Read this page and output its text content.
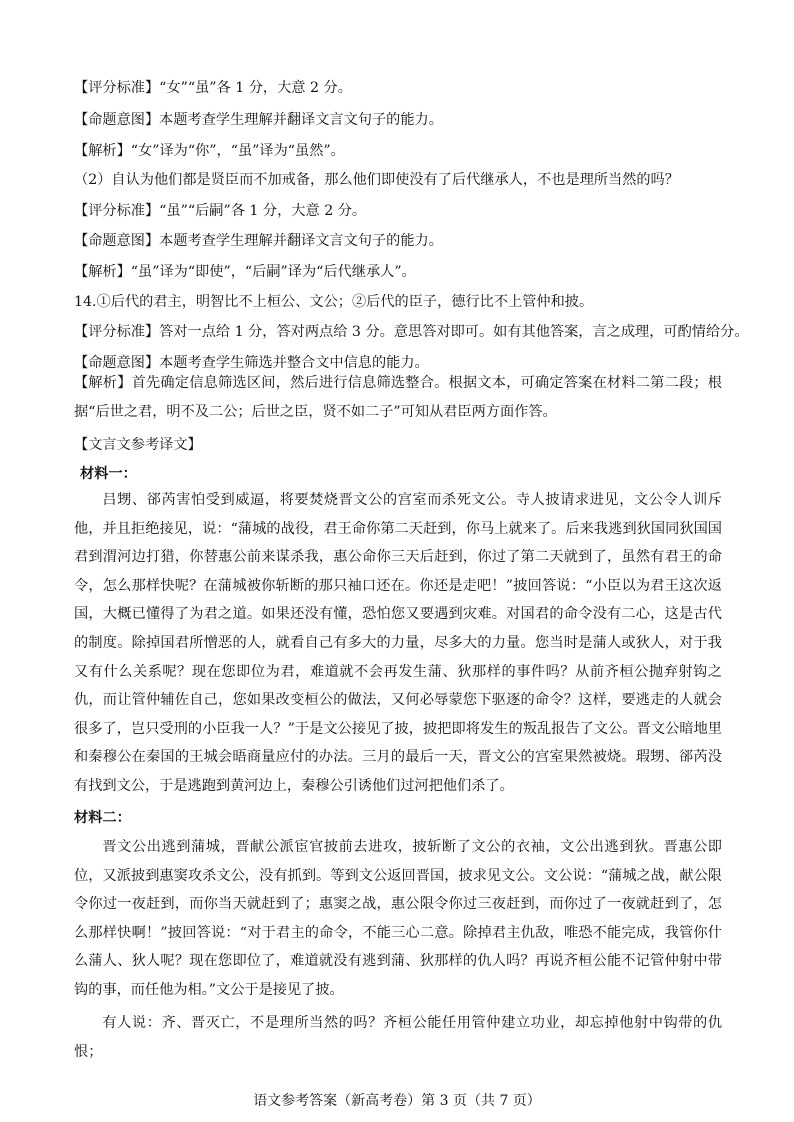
【评分标准】“女”“虽”各 1 分，大意 2 分。
【命题意图】本题考查学生理解并翻译文言文句子的能力。
【解析】“女”译为“你”，“虽”译为“虽然”。
（2）自认为他们都是贤臣而不加戒备，那么他们即使没有了后代继承人，不也是理所当然的吗？
【评分标准】“虽”“后嗣”各 1 分，大意 2 分。
【命题意图】本题考查学生理解并翻译文言文句子的能力。
【解析】“虽”译为“即使”，“后嗣”译为“后代继承人”。
14.①后代的君主，明智比不上桓公、文公；②后代的臣子，德行比不上管仲和披。
【评分标准】答对一点给 1 分，答对两点给 3 分。意思答对即可。如有其他答案，言之成理，可酌情给分。
【命题意图】本题考查学生筛选并整合文中信息的能力。
【解析】首先确定信息筛选区间，然后进行信息筛选整合。根据文本，可确定答案在材料二第二段；根据“后世之君，明不及二公；后世之臣，贤不如二子”可知从君臣两方面作答。
【文言文参考译文】
材料一：
吕甥、郤芮害怕受到威逼，将要焚烧晋文公的宫室而杀死文公。寺人披请求进见，文公令人训斥他，并且拒绝接见，说：“蒲城的战役，君王命你第二天赶到，你马上就来了。后来我逃到狄国同狄国国君到渭河边打猎，你替惠公前来谋杀我，惠公命你三天后赶到，你过了第二天就到了，虽然有君王的命令，怎么那样快呢？在蒲城被你斩断的那只袖口还在。你还是走吧！”披回答说：“小臣以为君王这次返国，大概已懂得了为君之道。如果还没有懂，恐怕您又要遇到灾难。对国君的命令没有二心，这是古代的制度。除掉国君所憎恶的人，就看自己有多大的力量，尽多大的力量。您当时是蒲人或狄人，对于我又有什么关系呢？现在您即位为君，难道就不会再发生蒲、狄那样的事件吗？从前齐桓公抛弃射钩之仇，而让管仲辅佐自己，您如果改变桓公的做法，又何必辱蒙您下驱逐的命令？这样，要逃走的人就会很多了，岂只受刑的小臣我一人？”于是文公接见了披，披把即将发生的叛乱报告了文公。晋文公暗地里和秦穆公在秦国的王城会晤商量应付的办法。三月的最后一天，晋文公的宫室果然被烧。瑕甥、郤芮没有找到文公，于是逃跑到黄河边上，秦穆公引诱他们过河把他们杀了。
材料二：
晋文公出逃到蒲城，晋献公派宦官披前去进攻，披斩断了文公的衣袖，文公出逃到狄。晋惠公即位，又派披到惠窦攻杀文公，没有抓到。等到文公返回晋国，披求见文公。文公说：“蒲城之战，献公限令你过一夜赶到，而你当天就赶到了；惠窦之战，惠公限令你过三夜赶到，而你过了一夜就赶到了，怎么那样快啊！”披回答说：“对于君主的命令，不能三心二意。除掉君主仇敌，唯恐不能完成，我管你什么蒲人、狄人呢？现在您即位了，难道就没有逃到蒲、狄那样的仇人吗？再说齐桓公能不记管仲射中带钩的事，而任他为相。”文公于是接见了披。
有人说：齐、晋灭亡，不是理所当然的吗？齐桓公能任用管仲建立功业，却忘掉他射中钩带的仇恨；
语文参考答案（新高考卷）第 3 页（共 7 页）
